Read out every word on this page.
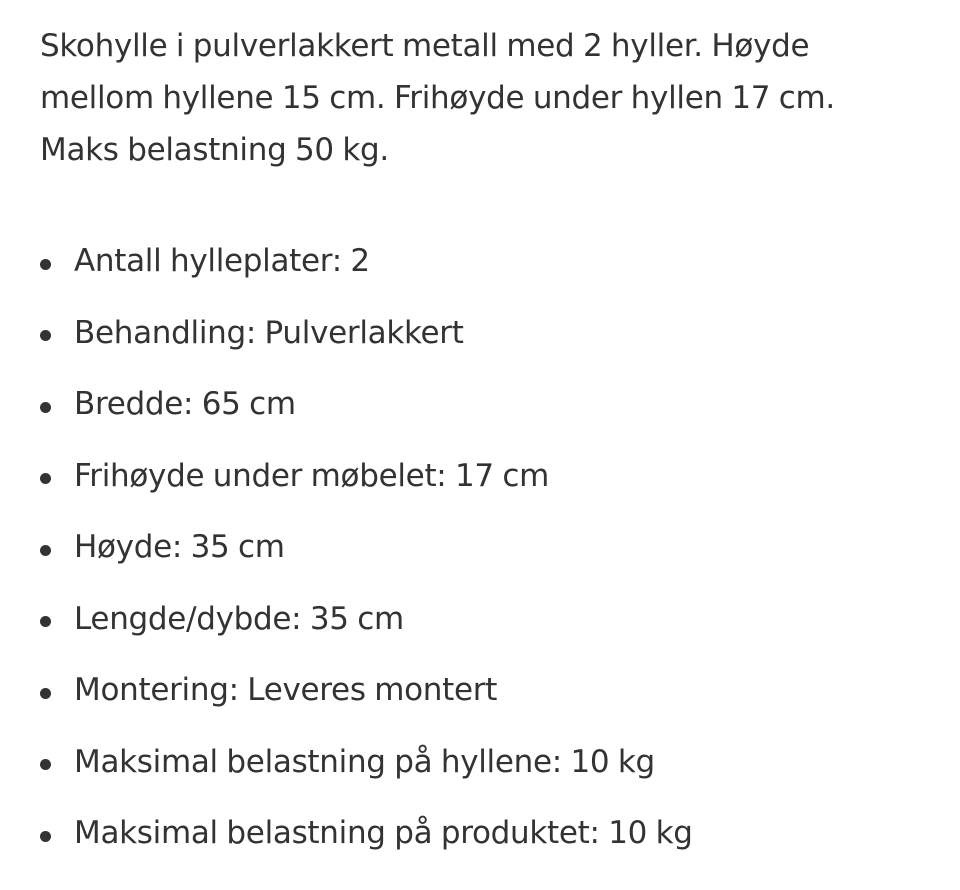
Skohylle i pulverlakkert metall med 2 hyller. Høyde mellom hyllene 15 cm. Frihøyde under hyllen 17 cm. Maks belastning 50 kg.

Antall hylleplater: 2
Behandling: Pulverlakkert
Bredde: 65 cm
Frihøyde under møbelet: 17 cm
Høyde: 35 cm
Lengde/dybde: 35 cm
Montering: Leveres montert
Maksimal belastning på hyllene: 10 kg
Maksimal belastning på produktet: 10 kg
